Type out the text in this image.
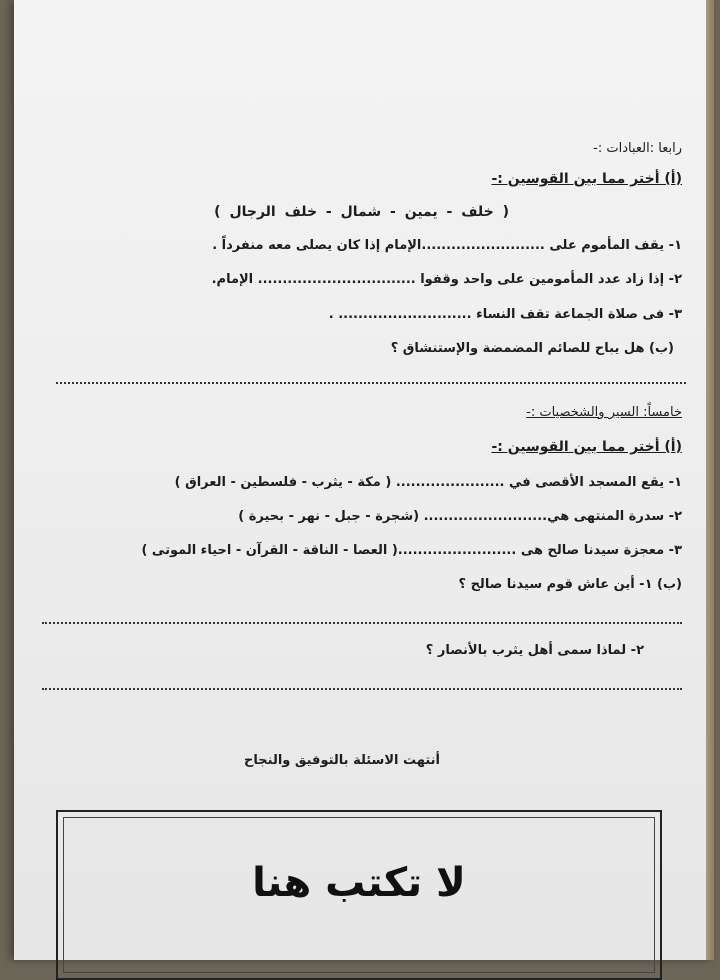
رابعا :العبادات :-
(أ) أختر مما بين القوسين :-
( خلف - يمين - شمال - خلف الرجال )
١- يقف المأموم على .........................الإمام إذا كان يصلى معه منفرداً .
٢- إذا زاد عدد المأمومين على واحد وقفوا ................................ الإمام.
٣- فى صلاة الجماعة تقف النساء ........................... .
(ب) هل يباح للصائم المضمضة والإستنشاق ؟
خامساً: السير والشخصيات :-
(أ) أختر مما بين القوسين :-
١- يقع المسجد الأقصى في ...................... ( مكة - يثرب - فلسطين - العراق )
٢- سدرة المنتهى هي......................... (شجرة - جبل - نهر - بحيرة )
٣- معجزة سيدنا صالح هى ........................( العصا - الناقة - القرآن - احياء الموتى )
(ب) ١- أين عاش قوم سيدنا صالح ؟
٢- لماذا سمى أهل يثرب بالأنصار ؟
أنتهت الاسئلة بالتوفيق والنجاح
لا تكتب هنا
